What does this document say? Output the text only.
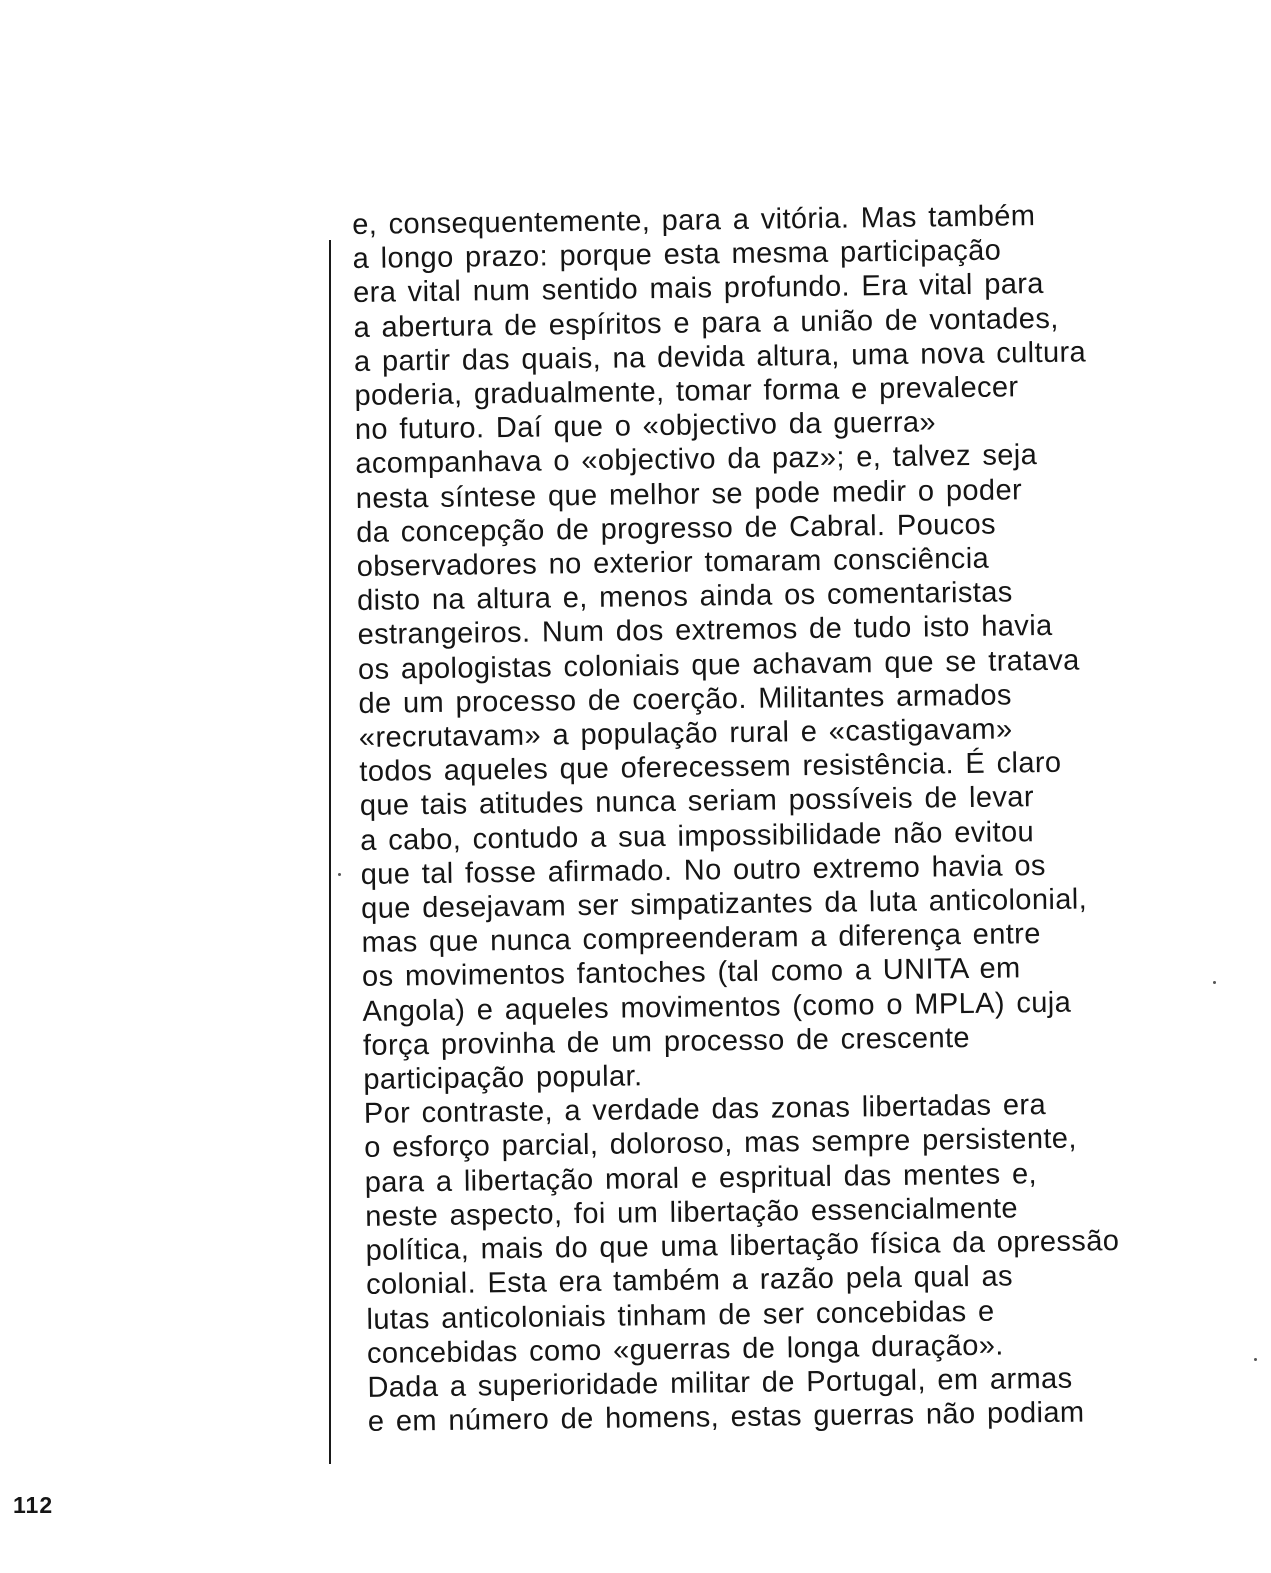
e, consequentemente, para a vitória. Mas também
a longo prazo: porque esta mesma participação
era vital num sentido mais profundo. Era vital para
a abertura de espíritos e para a união de vontades,
a partir das quais, na devida altura, uma nova cultura
poderia, gradualmente, tomar forma e prevalecer
no futuro. Daí que o «objectivo da guerra»
acompanhava o «objectivo da paz»; e, talvez seja
nesta síntese que melhor se pode medir o poder
da concepção de progresso de Cabral. Poucos
observadores no exterior tomaram consciência
disto na altura e, menos ainda os comentaristas
estrangeiros. Num dos extremos de tudo isto havia
os apologistas coloniais que achavam que se tratava
de um processo de coerção. Militantes armados
«recrutavam» a população rural e «castigavam»
todos aqueles que oferecessem resistência. É claro
que tais atitudes nunca seriam possíveis de levar
a cabo, contudo a sua impossibilidade não evitou
que tal fosse afirmado. No outro extremo havia os
que desejavam ser simpatizantes da luta anticolonial,
mas que nunca compreenderam a diferença entre
os movimentos fantoches (tal como a UNITA em
Angola) e aqueles movimentos (como o MPLA) cuja
força provinha de um processo de crescente
participação popular.
Por contraste, a verdade das zonas libertadas era
o esforço parcial, doloroso, mas sempre persistente,
para a libertação moral e espritual das mentes e,
neste aspecto, foi um libertação essencialmente
política, mais do que uma libertação física da opressão
colonial. Esta era também a razão pela qual as
lutas anticoloniais tinham de ser concebidas e
concebidas como «guerras de longa duração».
Dada a superioridade militar de Portugal, em armas
e em número de homens, estas guerras não podiam
112
